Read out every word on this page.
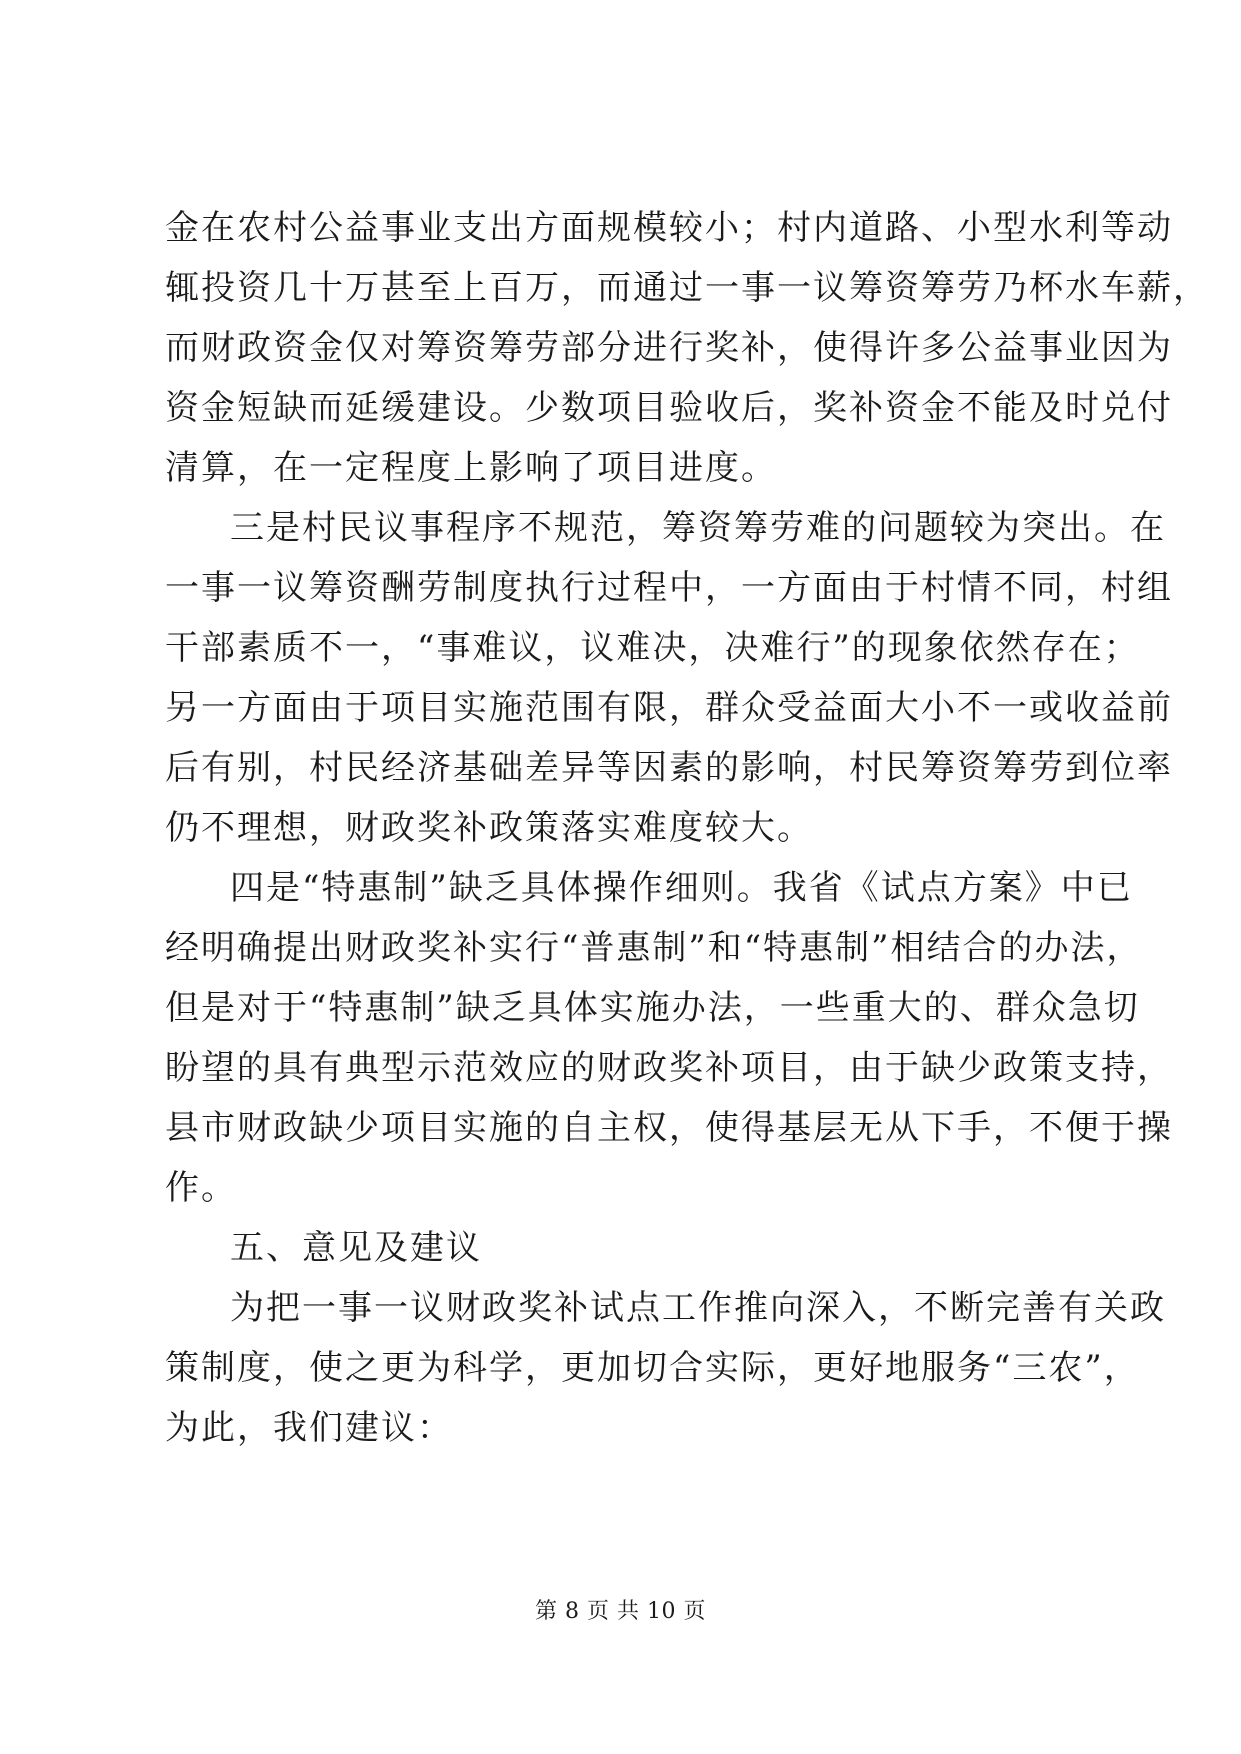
金在农村公益事业支出方面规模较小；村内道路、小型水利等动
辄投资几十万甚至上百万，而通过一事一议筹资筹劳乃杯水车薪，
而财政资金仅对筹资筹劳部分进行奖补，使得许多公益事业因为
资金短缺而延缓建设。少数项目验收后，奖补资金不能及时兑付
清算，在一定程度上影响了项目进度。
三是村民议事程序不规范，筹资筹劳难的问题较为突出。在
一事一议筹资酬劳制度执行过程中，一方面由于村情不同，村组
干部素质不一，“事难议，议难决，决难行”的现象依然存在；
另一方面由于项目实施范围有限，群众受益面大小不一或收益前
后有别，村民经济基础差异等因素的影响，村民筹资筹劳到位率
仍不理想，财政奖补政策落实难度较大。
四是“特惠制”缺乏具体操作细则。我省《试点方案》中已
经明确提出财政奖补实行“普惠制”和“特惠制”相结合的办法，
但是对于“特惠制”缺乏具体实施办法，一些重大的、群众急切
盼望的具有典型示范效应的财政奖补项目，由于缺少政策支持，
县市财政缺少项目实施的自主权，使得基层无从下手，不便于操
作。
五、意见及建议
为把一事一议财政奖补试点工作推向深入，不断完善有关政
策制度，使之更为科学，更加切合实际，更好地服务“三农”，
为此，我们建议：
第 8 页 共 10 页
